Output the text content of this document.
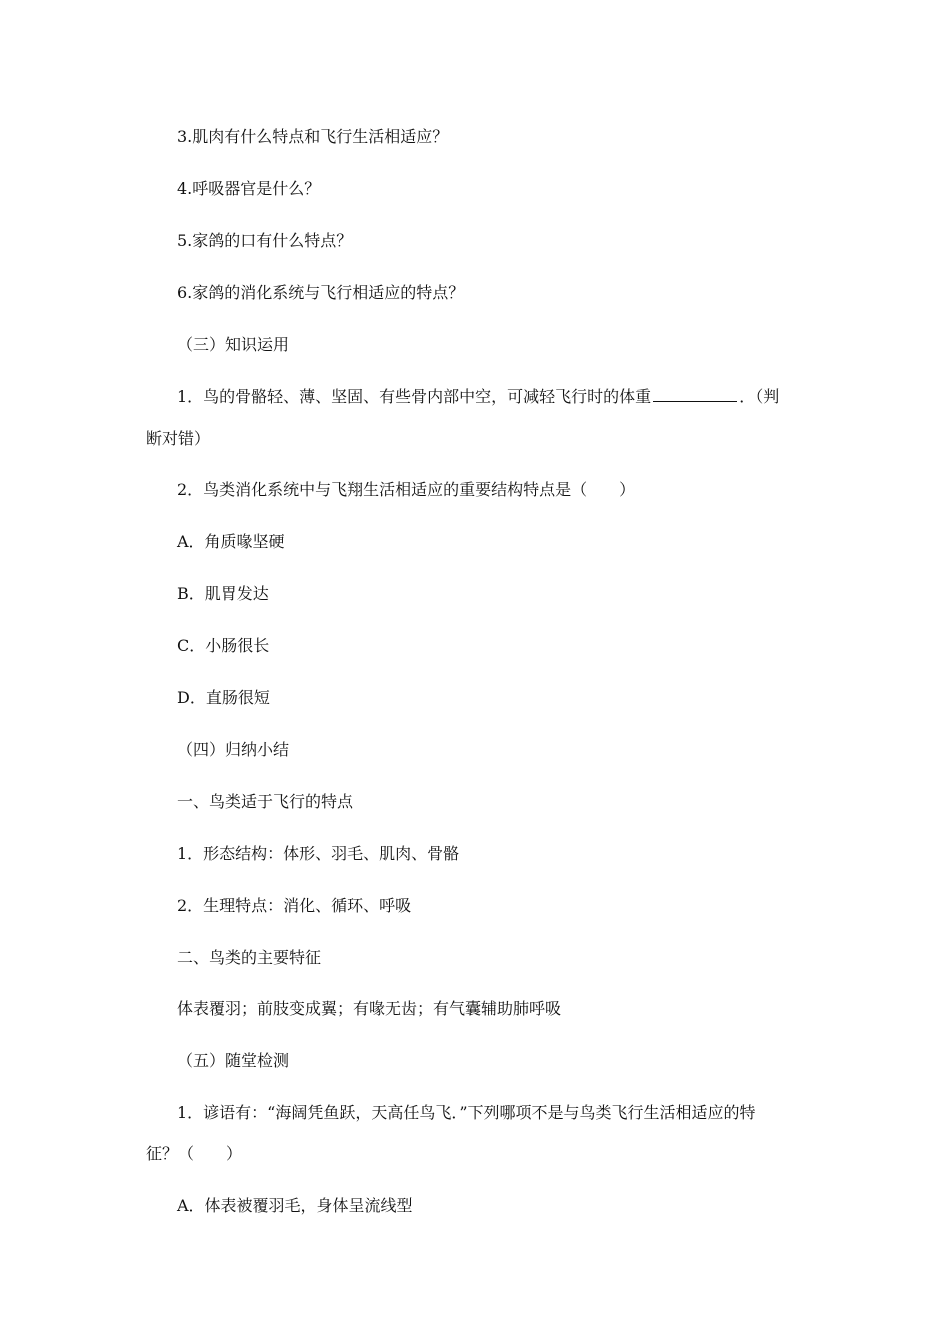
3.肌肉有什么特点和飞行生活相适应？
4.呼吸器官是什么？
5.家鸽的口有什么特点？
6.家鸽的消化系统与飞行相适应的特点？
（三）知识运用
1．鸟的骨骼轻、薄、坚固、有些骨内部中空，可减轻飞行时的体重	．（判
断对错）
2．鸟类消化系统中与飞翔生活相适应的重要结构特点是（　　）
A．角质喙坚硬
B．肌胃发达
C．小肠很长
D．直肠很短
（四）归纳小结
一、鸟类适于飞行的特点
1．形态结构：体形、羽毛、肌肉、骨骼
2．生理特点：消化、循环、呼吸
二、鸟类的主要特征
体表覆羽；前肢变成翼；有喙无齿；有气囊辅助肺呼吸
（五）随堂检测
1．谚语有：“海阔凭鱼跃，天高任鸟飞．”下列哪项不是与鸟类飞行生活相适应的特
征？（　　）
A．体表被覆羽毛，身体呈流线型
